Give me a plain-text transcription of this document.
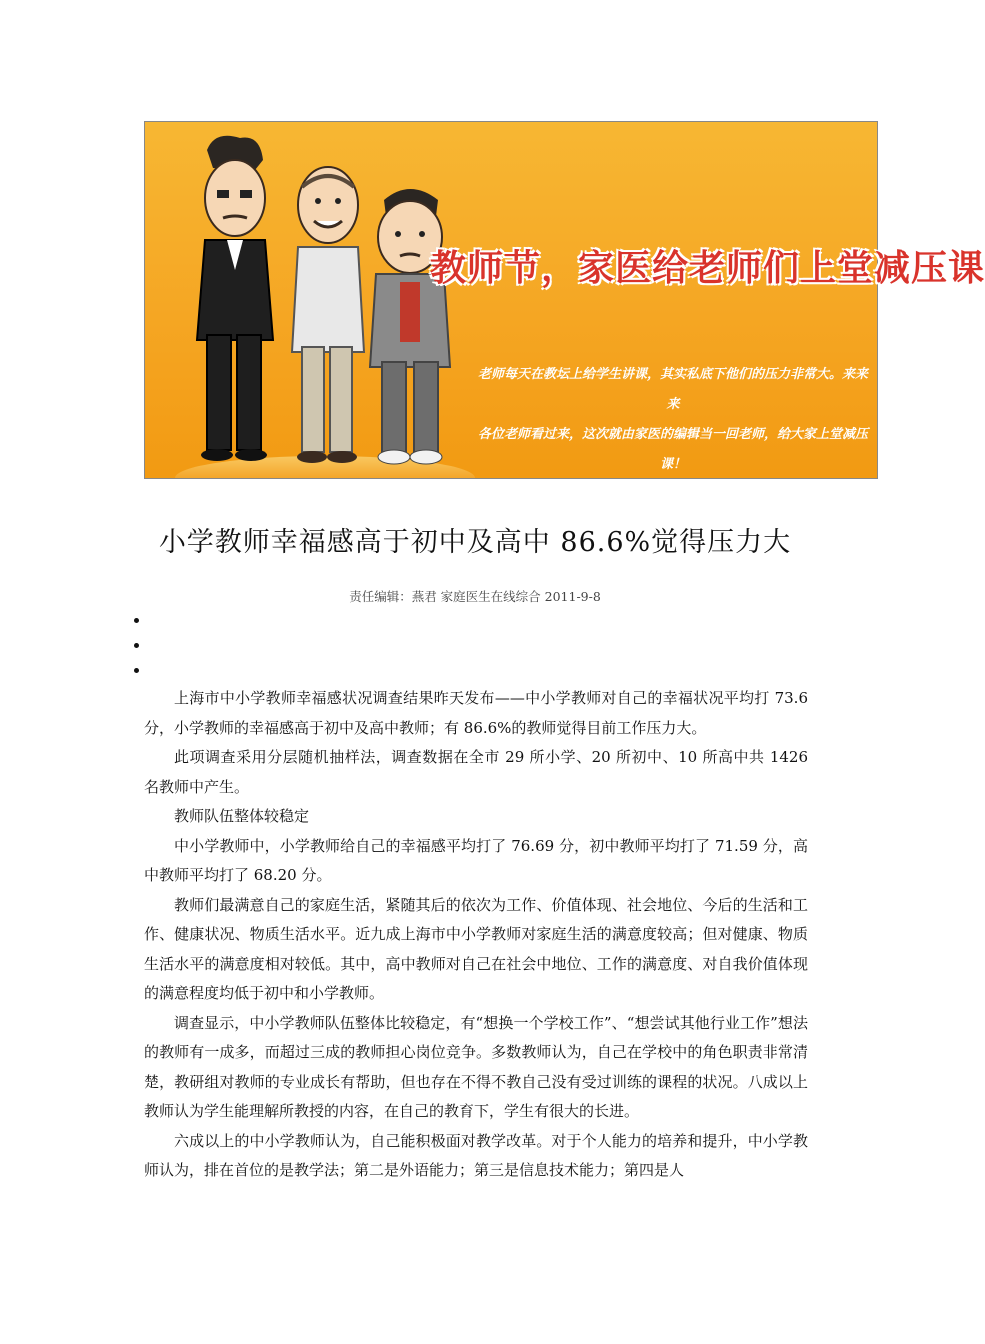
教师节，家医给老师们上堂减压课
老师每天在教坛上给学生讲课，其实私底下他们的压力非常大。来来来
各位老师看过来，这次就由家医的编辑当一回老师，给大家上堂减压课！
小学教师幸福感高于初中及高中 86.6%觉得压力大
责任编辑：燕君 家庭医生在线综合 2011-9-8

上海市中小学教师幸福感状况调查结果昨天发布——中小学教师对自己的幸福状况平均打 73.6 分，小学教师的幸福感高于初中及高中教师；有 86.6%的教师觉得目前工作压力大。

此项调查采用分层随机抽样法，调查数据在全市 29 所小学、20 所初中、10 所高中共 1426 名教师中产生。

教师队伍整体较稳定

中小学教师中，小学教师给自己的幸福感平均打了 76.69 分，初中教师平均打了 71.59 分，高中教师平均打了 68.20 分。

教师们最满意自己的家庭生活，紧随其后的依次为工作、价值体现、社会地位、今后的生活和工作、健康状况、物质生活水平。近九成上海市中小学教师对家庭生活的满意度较高；但对健康、物质生活水平的满意度相对较低。其中，高中教师对自己在社会中地位、工作的满意度、对自我价值体现的满意程度均低于初中和小学教师。

调查显示，中小学教师队伍整体比较稳定，有“想换一个学校工作”、“想尝试其他行业工作”想法的教师有一成多，而超过三成的教师担心岗位竞争。多数教师认为，自己在学校中的角色职责非常清楚，教研组对教师的专业成长有帮助，但也存在不得不教自己没有受过训练的课程的状况。八成以上教师认为学生能理解所教授的内容，在自己的教育下，学生有很大的长进。

六成以上的中小学教师认为，自己能积极面对教学改革。对于个人能力的培养和提升，中小学教师认为，排在首位的是教学法；第二是外语能力；第三是信息技术能力；第四是人
